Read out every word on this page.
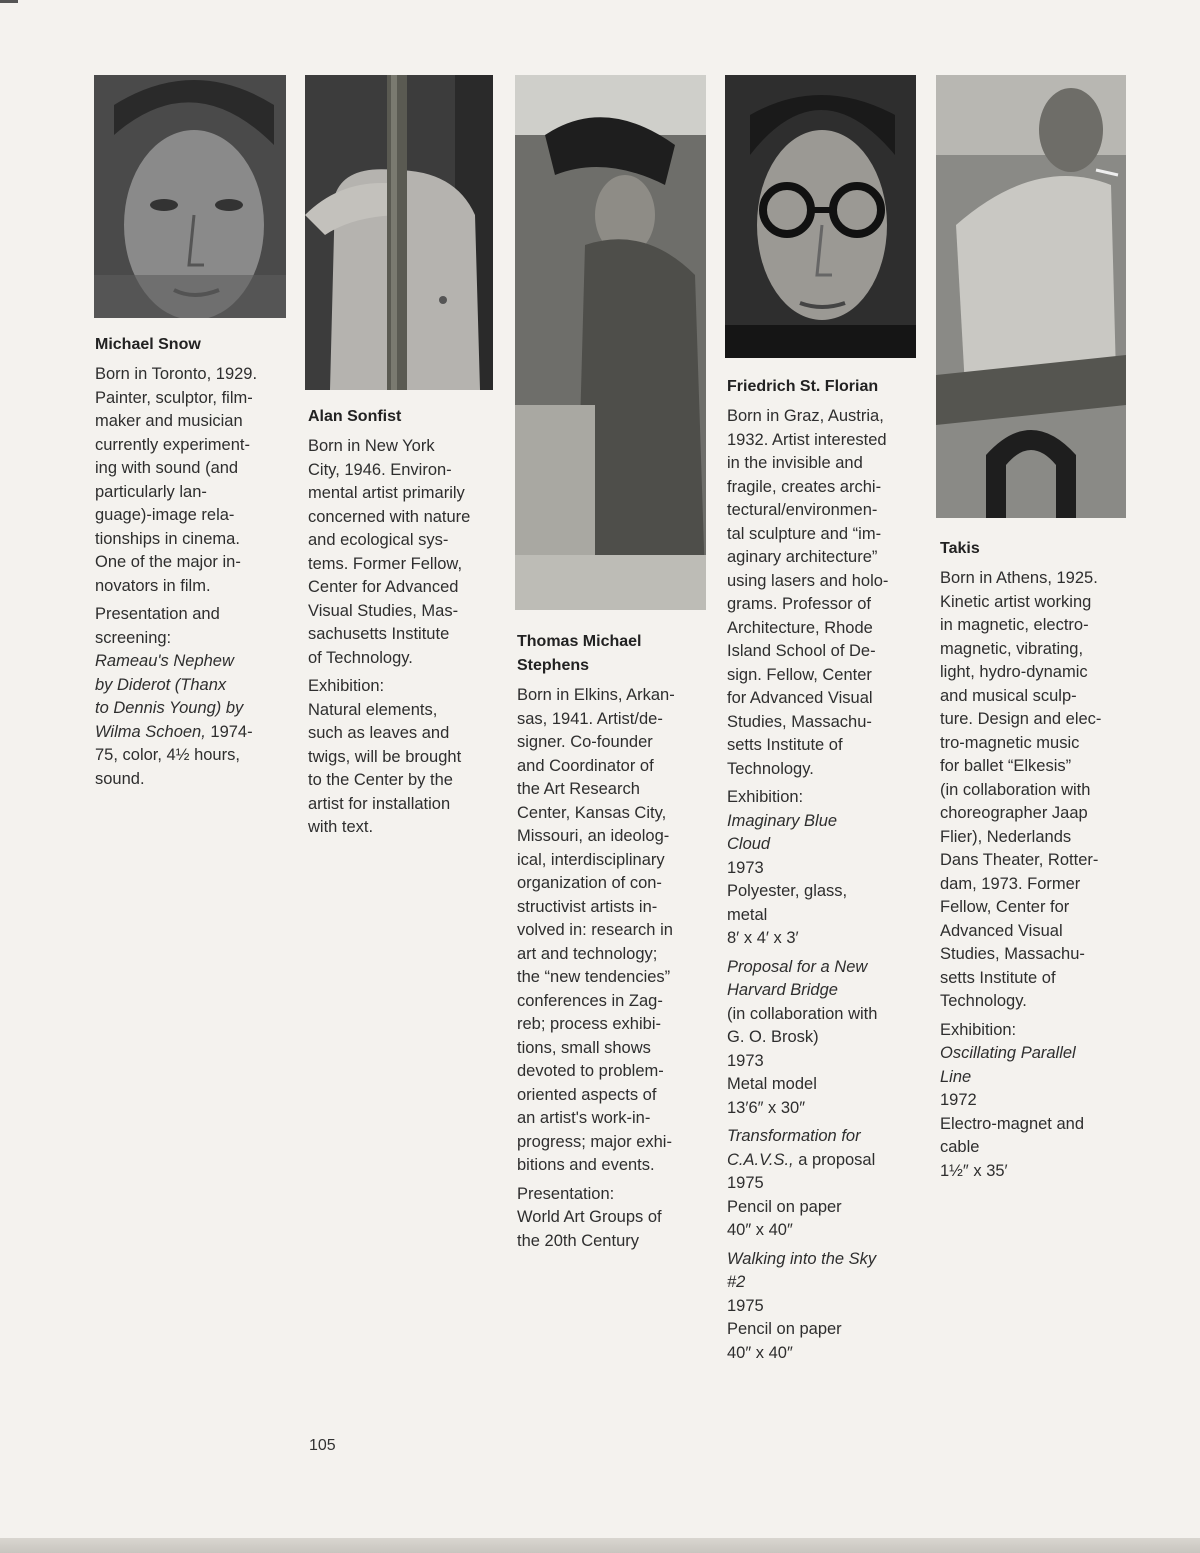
Michael Snow

Born in Toronto, 1929.
Painter, sculptor, film-
maker and musician
currently experiment-
ing with sound (and
particularly lan-
guage)-image rela-
tionships in cinema.
One of the major in-
novators in film.

Presentation and
screening:

Rameau's Nephew
by Diderot (Thanx
to Dennis Young) by
Wilma Schoen, 1974-
75, color, 4½ hours,
sound.

Alan Sonfist

Born in New York
City, 1946. Environ-
mental artist primarily
concerned with nature
and ecological sys-
tems. Former Fellow,
Center for Advanced
Visual Studies, Mas-
sachusetts Institute
of Technology.

Exhibition:

Natural elements,
such as leaves and
twigs, will be brought
to the Center by the
artist for installation
with text.

Thomas Michael
Stephens

Born in Elkins, Arkan-
sas, 1941. Artist/de-
signer. Co-founder
and Coordinator of
the Art Research
Center, Kansas City,
Missouri, an ideolog-
ical, interdisciplinary
organization of con-
structivist artists in-
volved in: research in
art and technology;
the “new tendencies”
conferences in Zag-
reb; process exhibi-
tions, small shows
devoted to problem-
oriented aspects of
an artist's work-in-
progress; major exhi-
bitions and events.

Presentation:

World Art Groups of
the 20th Century

Friedrich St. Florian

Born in Graz, Austria,
1932. Artist interested
in the invisible and
fragile, creates archi-
tectural/environmen-
tal sculpture and “im-
aginary architecture”
using lasers and holo-
grams. Professor of
Architecture, Rhode
Island School of De-
sign. Fellow, Center
for Advanced Visual
Studies, Massachu-
setts Institute of
Technology.

Exhibition:

Imaginary Blue
Cloud
1973
Polyester, glass,
metal
8′ x 4′ x 3′

Proposal for a New
Harvard Bridge
(in collaboration with
G. O. Brosk)
1973
Metal model
13′6″ x 30″

Transformation for
C.A.V.S., a proposal
1975
Pencil on paper
40″ x 40″

Walking into the Sky
#2
1975
Pencil on paper
40″ x 40″

Takis

Born in Athens, 1925.
Kinetic artist working
in magnetic, electro-
magnetic, vibrating,
light, hydro-dynamic
and musical sculp-
ture. Design and elec-
tro-magnetic music
for ballet “Elkesis”
(in collaboration with
choreographer Jaap
Flier), Nederlands
Dans Theater, Rotter-
dam, 1973. Former
Fellow, Center for
Advanced Visual
Studies, Massachu-
setts Institute of
Technology.

Exhibition:

Oscillating Parallel
Line
1972
Electro-magnet and
cable
1½″ x 35′

105
